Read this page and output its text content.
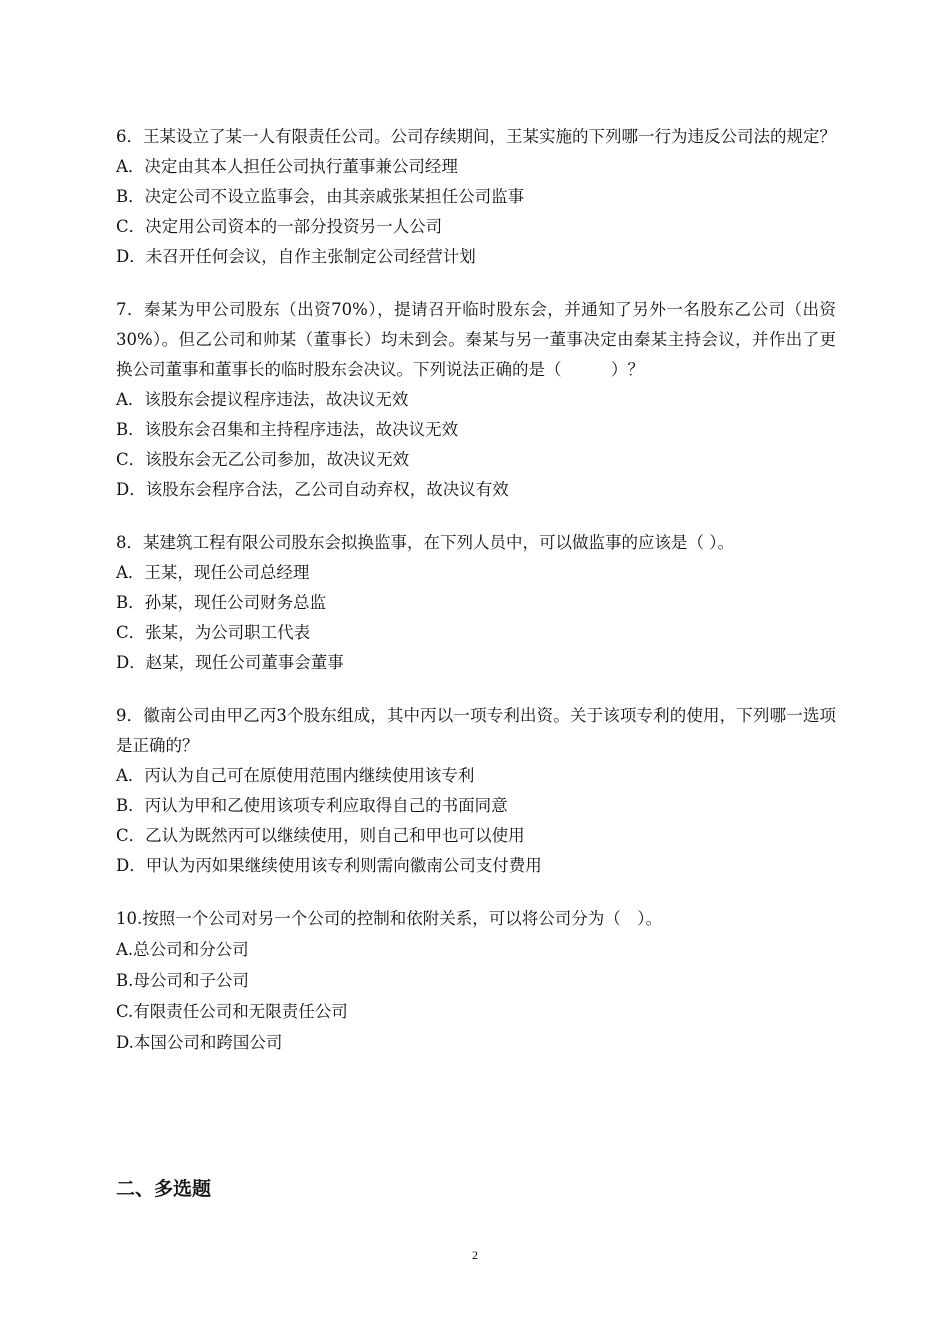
6．王某设立了某一人有限责任公司。公司存续期间，王某实施的下列哪一行为违反公司法的规定？

A．决定由其本人担任公司执行董事兼公司经理

B．决定公司不设立监事会，由其亲戚张某担任公司监事

C．决定用公司资本的一部分投资另一人公司

D．未召开任何会议，自作主张制定公司经营计划

7．秦某为甲公司股东（出资70%），提请召开临时股东会，并通知了另外一名股东乙公司（出资30%）。但乙公司和帅某（董事长）均未到会。秦某与另一董事决定由秦某主持会议，并作出了更换公司董事和董事长的临时股东会决议。下列说法正确的是（　　　）？

A．该股东会提议程序违法，故决议无效

B．该股东会召集和主持程序违法，故决议无效

C．该股东会无乙公司参加，故决议无效

D．该股东会程序合法，乙公司自动弃权，故决议有效

8．某建筑工程有限公司股东会拟换监事，在下列人员中，可以做监事的应该是（ ）。

A．王某，现任公司总经理

B．孙某，现任公司财务总监

C．张某，为公司职工代表

D．赵某，现任公司董事会董事

9．徽南公司由甲乙丙3个股东组成，其中丙以一项专利出资。关于该项专利的使用，下列哪一选项是正确的？

A．丙认为自己可在原使用范围内继续使用该专利

B．丙认为甲和乙使用该项专利应取得自己的书面同意

C．乙认为既然丙可以继续使用，则自己和甲也可以使用

D．甲认为丙如果继续使用该专利则需向徽南公司支付费用

10.按照一个公司对另一个公司的控制和依附关系，可以将公司分为（　）。

A.总公司和分公司

B.母公司和子公司

C.有限责任公司和无限责任公司

D.本国公司和跨国公司

二、多选题
2
